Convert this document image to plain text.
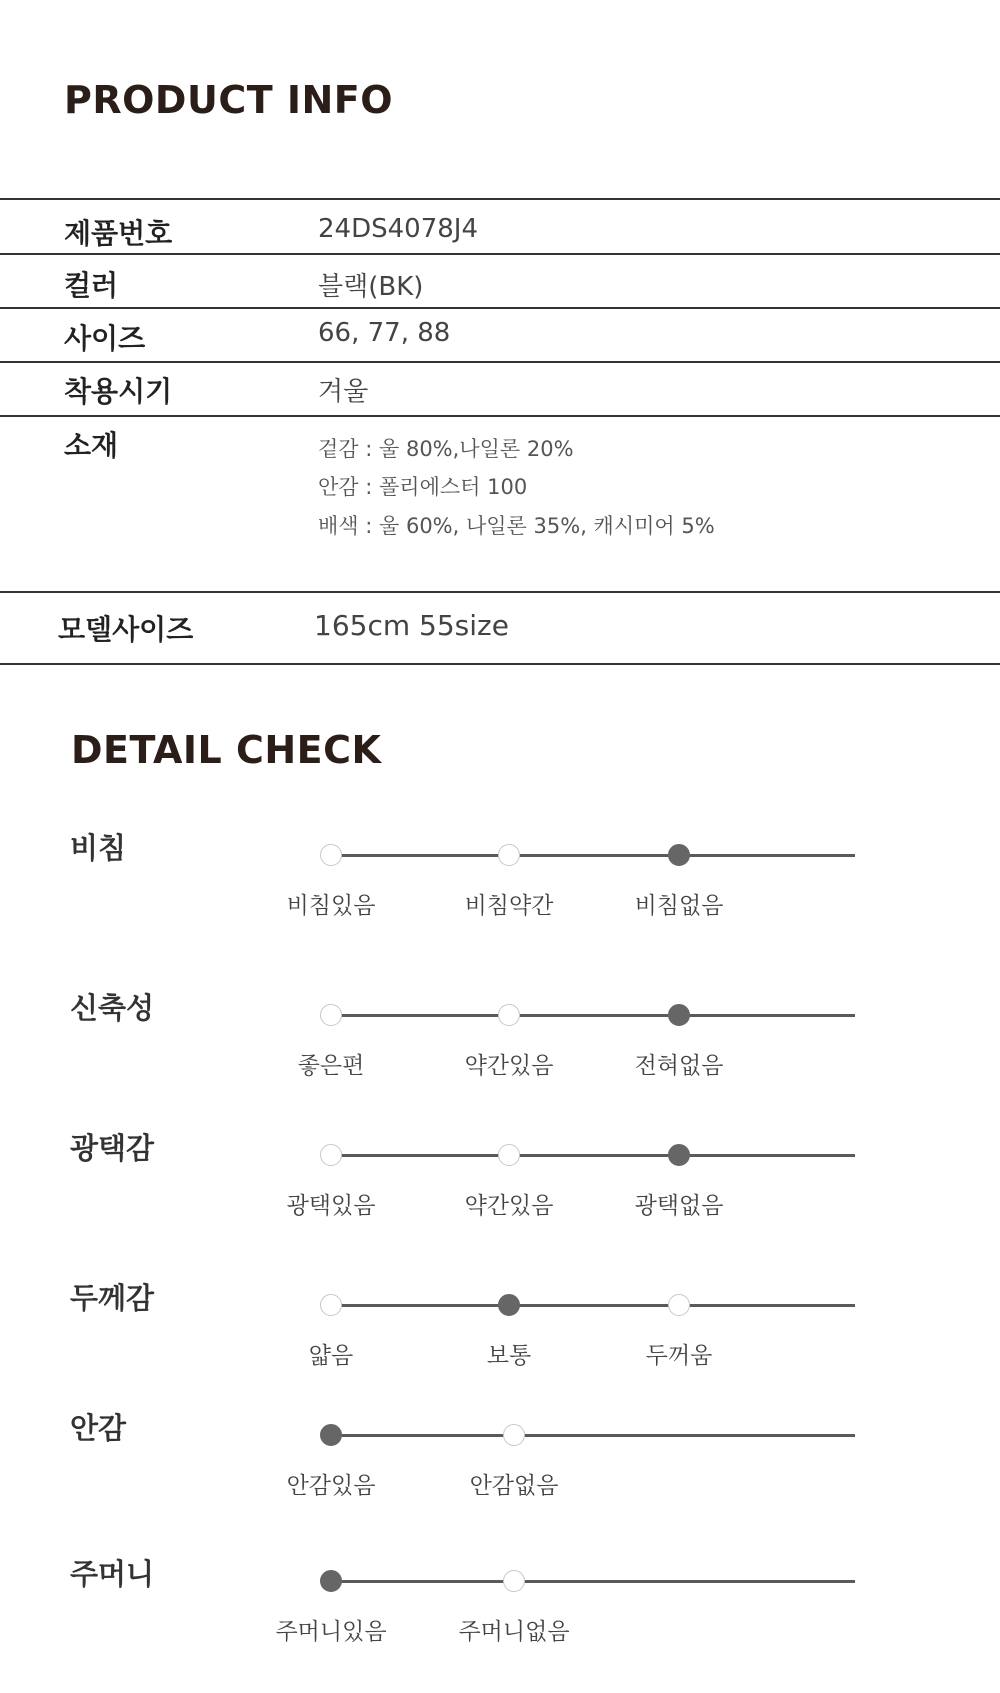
PRODUCT INFO
제품번호	24DS4078J4
컬러	블랙(BK)
사이즈	66, 77, 88
착용시기	겨울
소재	겉감 : 울 80%,나일론 20%
안감 : 폴리에스터 100
배색 : 울 60%, 나일론 35%, 캐시미어 5%
모델사이즈	165cm 55size
DETAIL CHECK
비침
비침있음	비침약간	비침없음
신축성
좋은편	약간있음	전혀없음
광택감
광택있음	약간있음	광택없음
두께감
얇음	보통	두꺼움
안감
안감있음	안감없음
주머니
주머니있음	주머니없음
